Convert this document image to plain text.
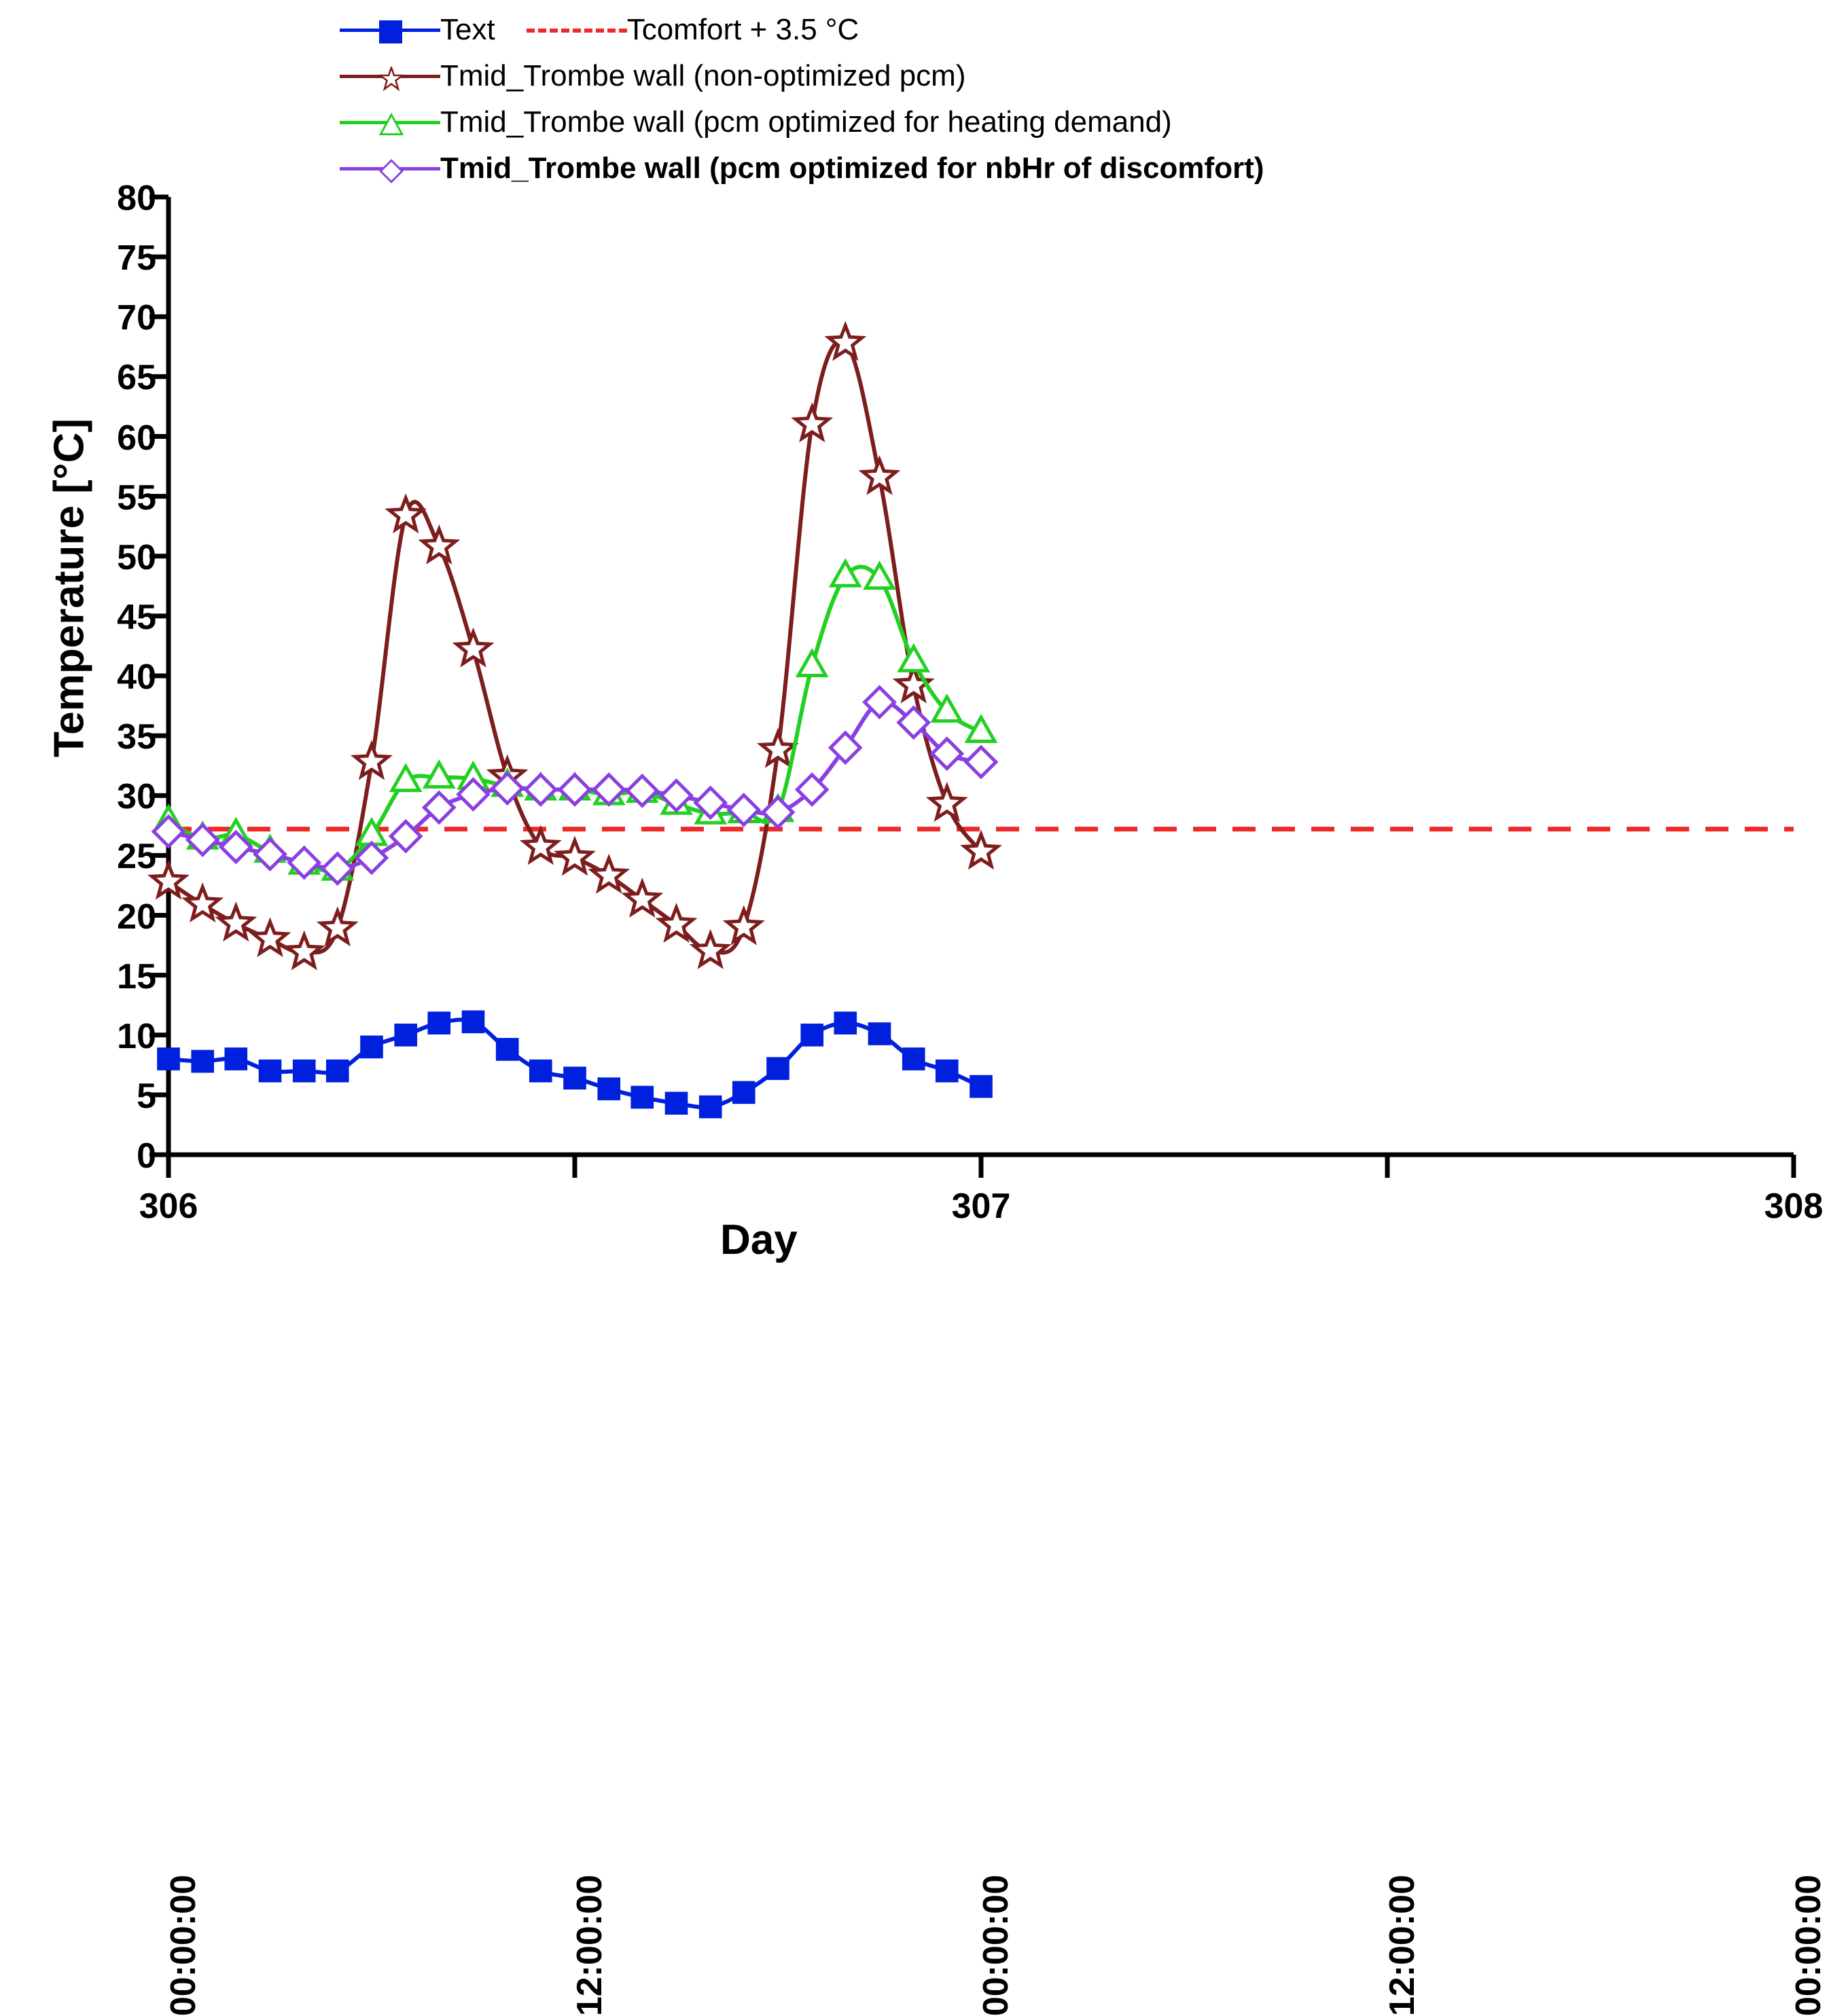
Text	Tcomfort + 3.5 °C
Tmid_Trombe wall (non-optimized pcm)
Tmid_Trombe wall (pcm optimized for heating demand)
Tmid_Trombe wall (pcm optimized for nbHr of discomfort)
Temperature [°C]
Day
0
5
10
15
20
25
30
35
40
45
50
55
60
65
70
75
80
306	307	308
00:00:00	12:00:00	00:00:00	12:00:00	00:00:00
